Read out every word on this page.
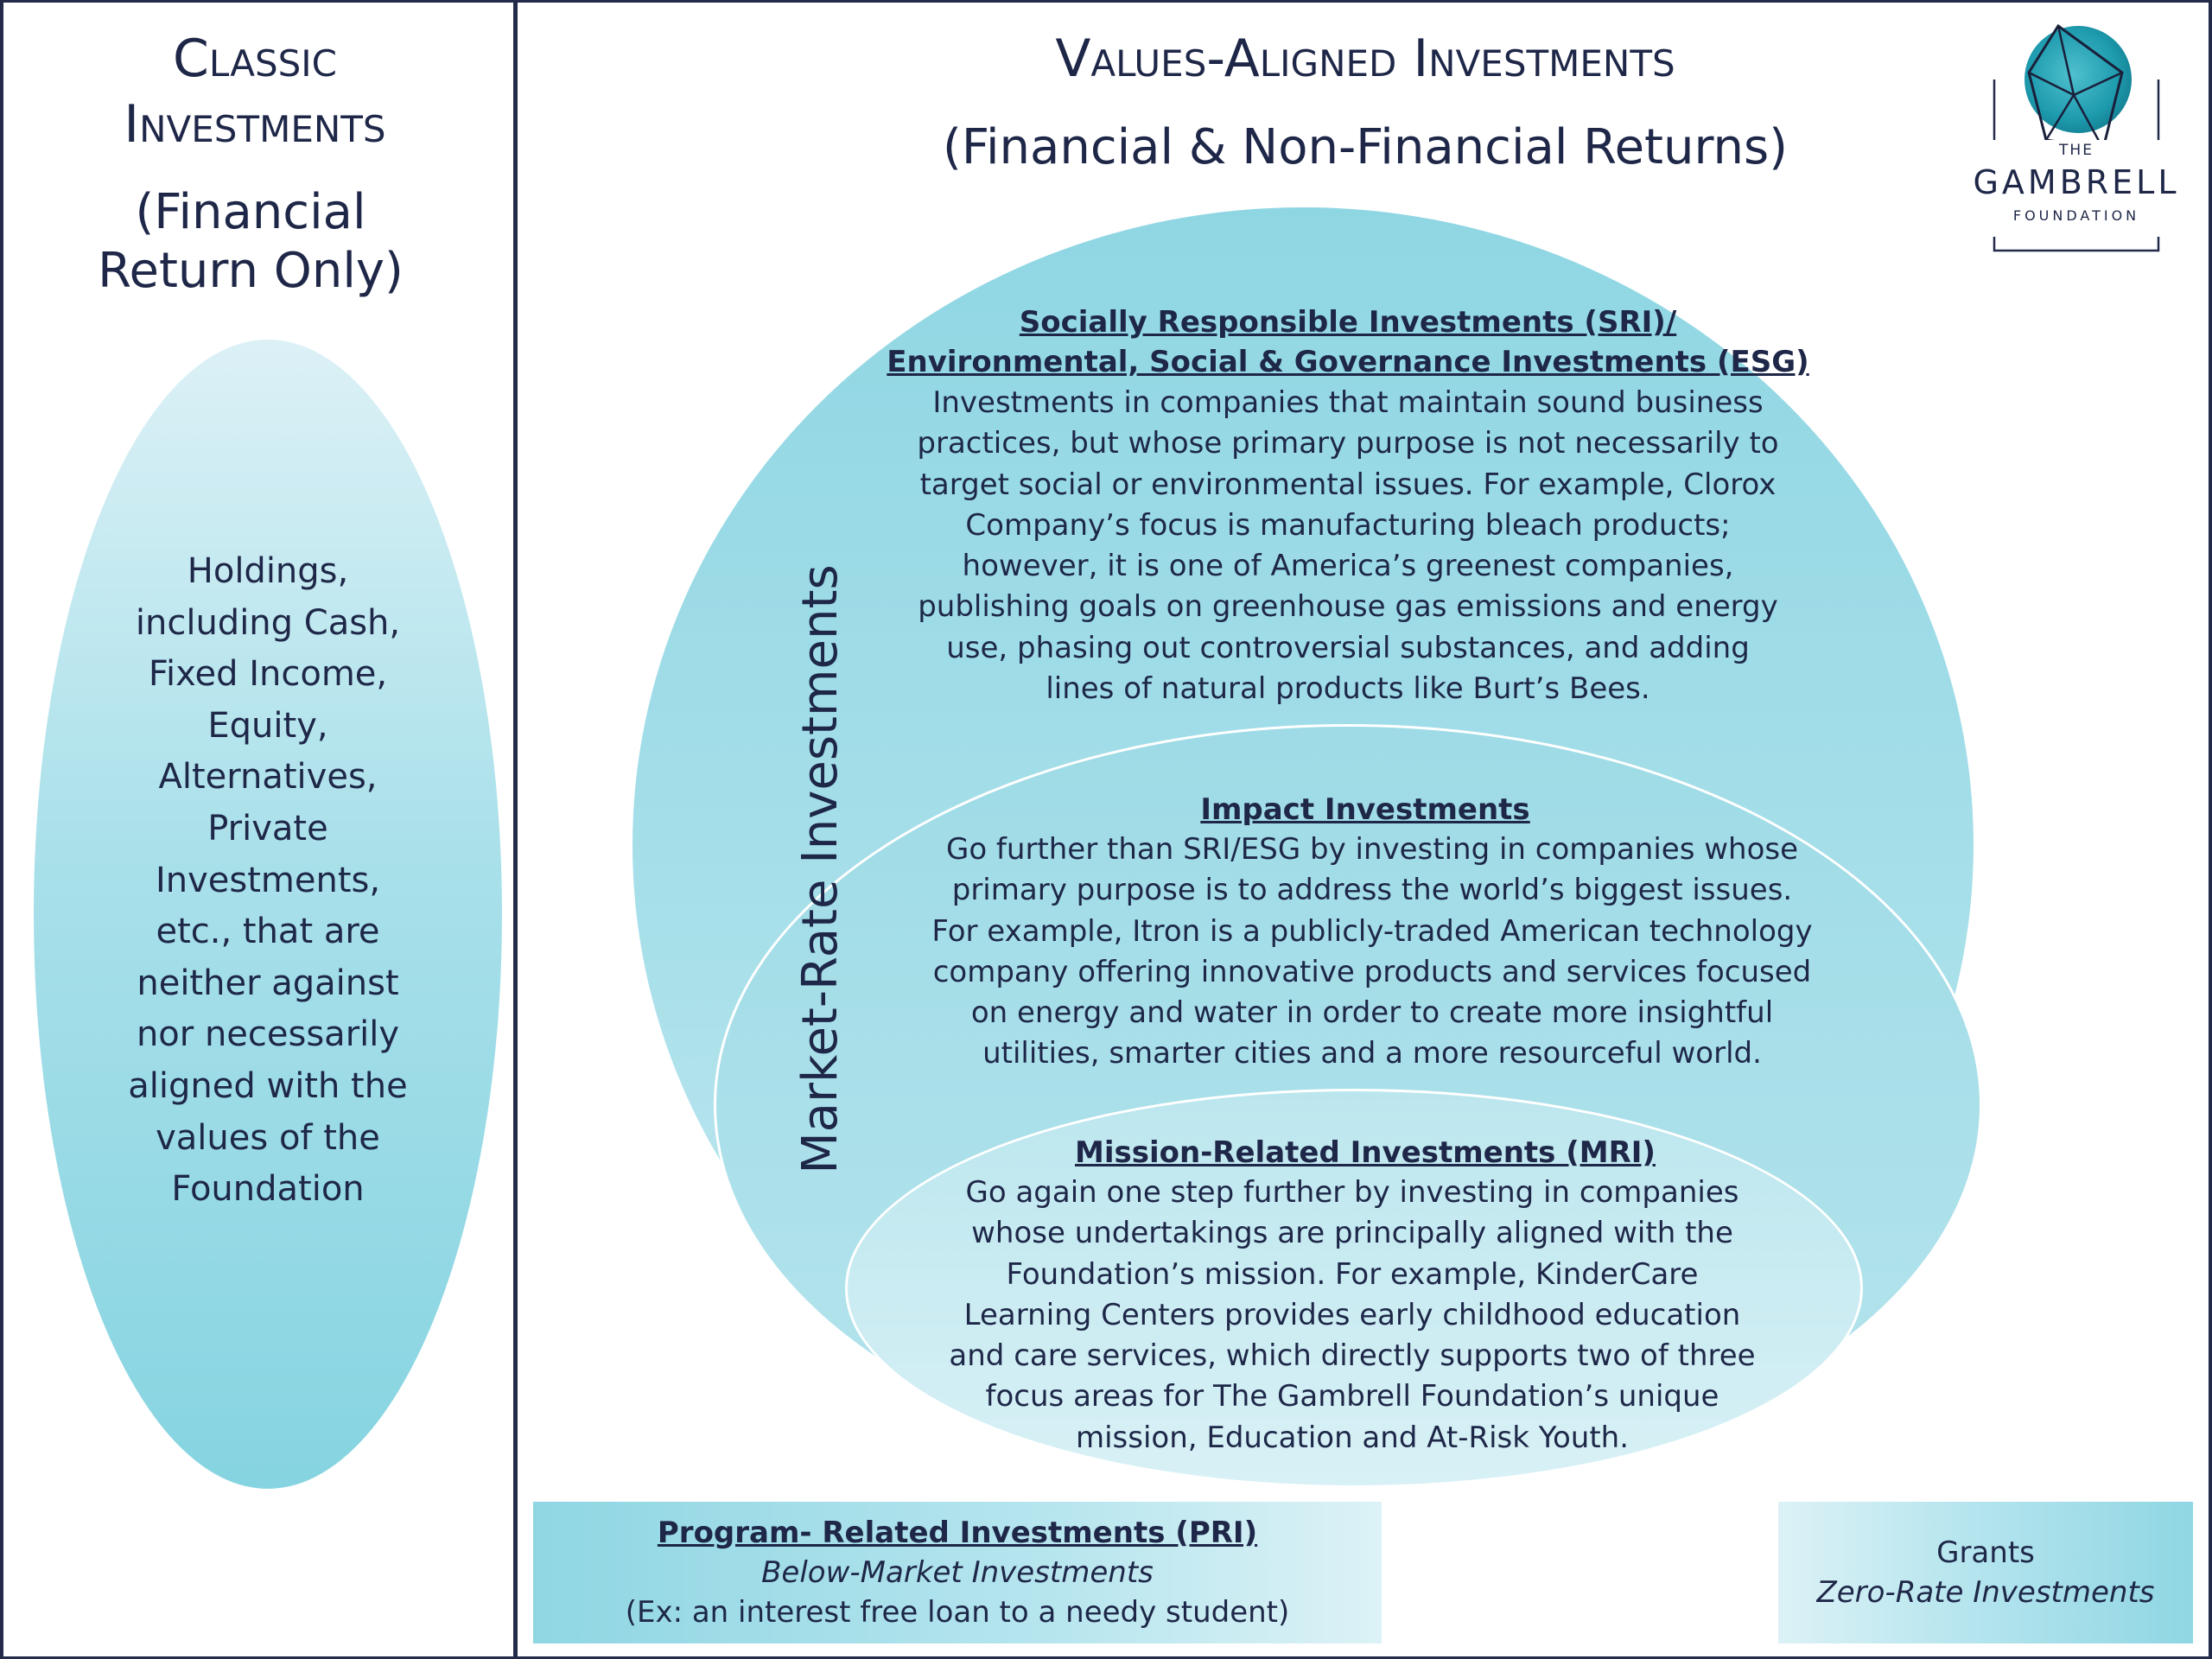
Classic
Investments
(Financial Return Only)
Holdings, including Cash, Fixed Income, Equity, Alternatives, Private Investments, etc., that are neither against nor necessarily aligned with the values of the Foundation
Values-Aligned Investments
(Financial & Non-Financial Returns)	THE
GAMBRELL
FOUNDATION
Market-Rate Investments
Socially Responsible Investments (SRI)/
Environmental, Social & Governance Investments (ESG)
Investments in companies that maintain sound business practices, but whose primary purpose is not necessarily to target social or environmental issues. For example, Clorox Company’s focus is manufacturing bleach products; however, it is one of America’s greenest companies, publishing goals on greenhouse gas emissions and energy use, phasing out controversial substances, and adding lines of natural products like Burt’s Bees.
Impact Investments
Go further than SRI/ESG by investing in companies whose primary purpose is to address the world’s biggest issues. For example, Itron is a publicly-traded American technology company offering innovative products and services focused on energy and water in order to create more insightful utilities, smarter cities and a more resourceful world.
Mission-Related Investments (MRI)
Go again one step further by investing in companies whose undertakings are principally aligned with the Foundation’s mission. For example, KinderCare Learning Centers provides early childhood education and care services, which directly supports two of three focus areas for The Gambrell Foundation’s unique mission, Education and At-Risk Youth.
Program- Related Investments (PRI)
Below-Market Investments
(Ex: an interest free loan to a needy student)
Grants
Zero-Rate Investments
